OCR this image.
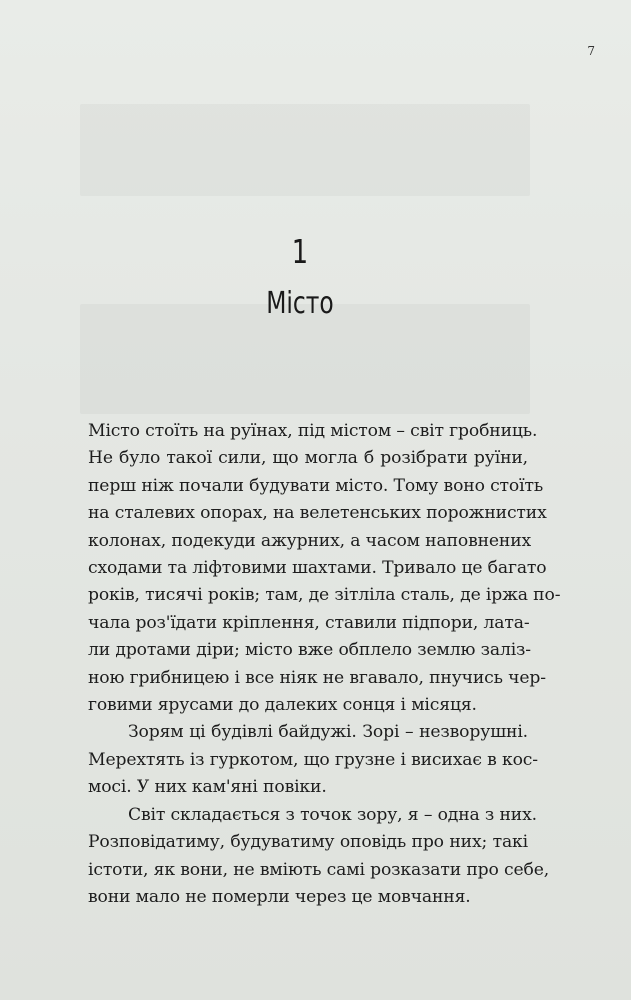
7
1
Місто
Місто стоїть на руїнах, під містом – світ гробниць.
Не було такої сили, що могла б розібрати руїни,
перш ніж почали будувати місто. Тому воно стоїть
на сталевих опорах, на велетенських порожнистих
колонах, подекуди ажурних, а часом наповнених
сходами та ліфтовими шахтами. Тривало це багато
років, тисячі років; там, де зітліла сталь, де іржа по-
чала роз'їдати кріплення, ставили підпори, лата-
ли дротами діри; місто вже обплело землю заліз-
ною грибницею і все ніяк не вгавало, пнучись чер-
говими ярусами до далеких сонця і місяця.
Зорям ці будівлі байдужі. Зорі – незворушні.
Мерехтять із гуркотом, що грузне і висихає в кос-
мосі. У них кам'яні повіки.
Світ складається з точок зору, я – одна з них.
Розповідатиму, будуватиму оповідь про них; такі
істоти, як вони, не вміють самі розказати про себе,
вони мало не померли через це мовчання.
